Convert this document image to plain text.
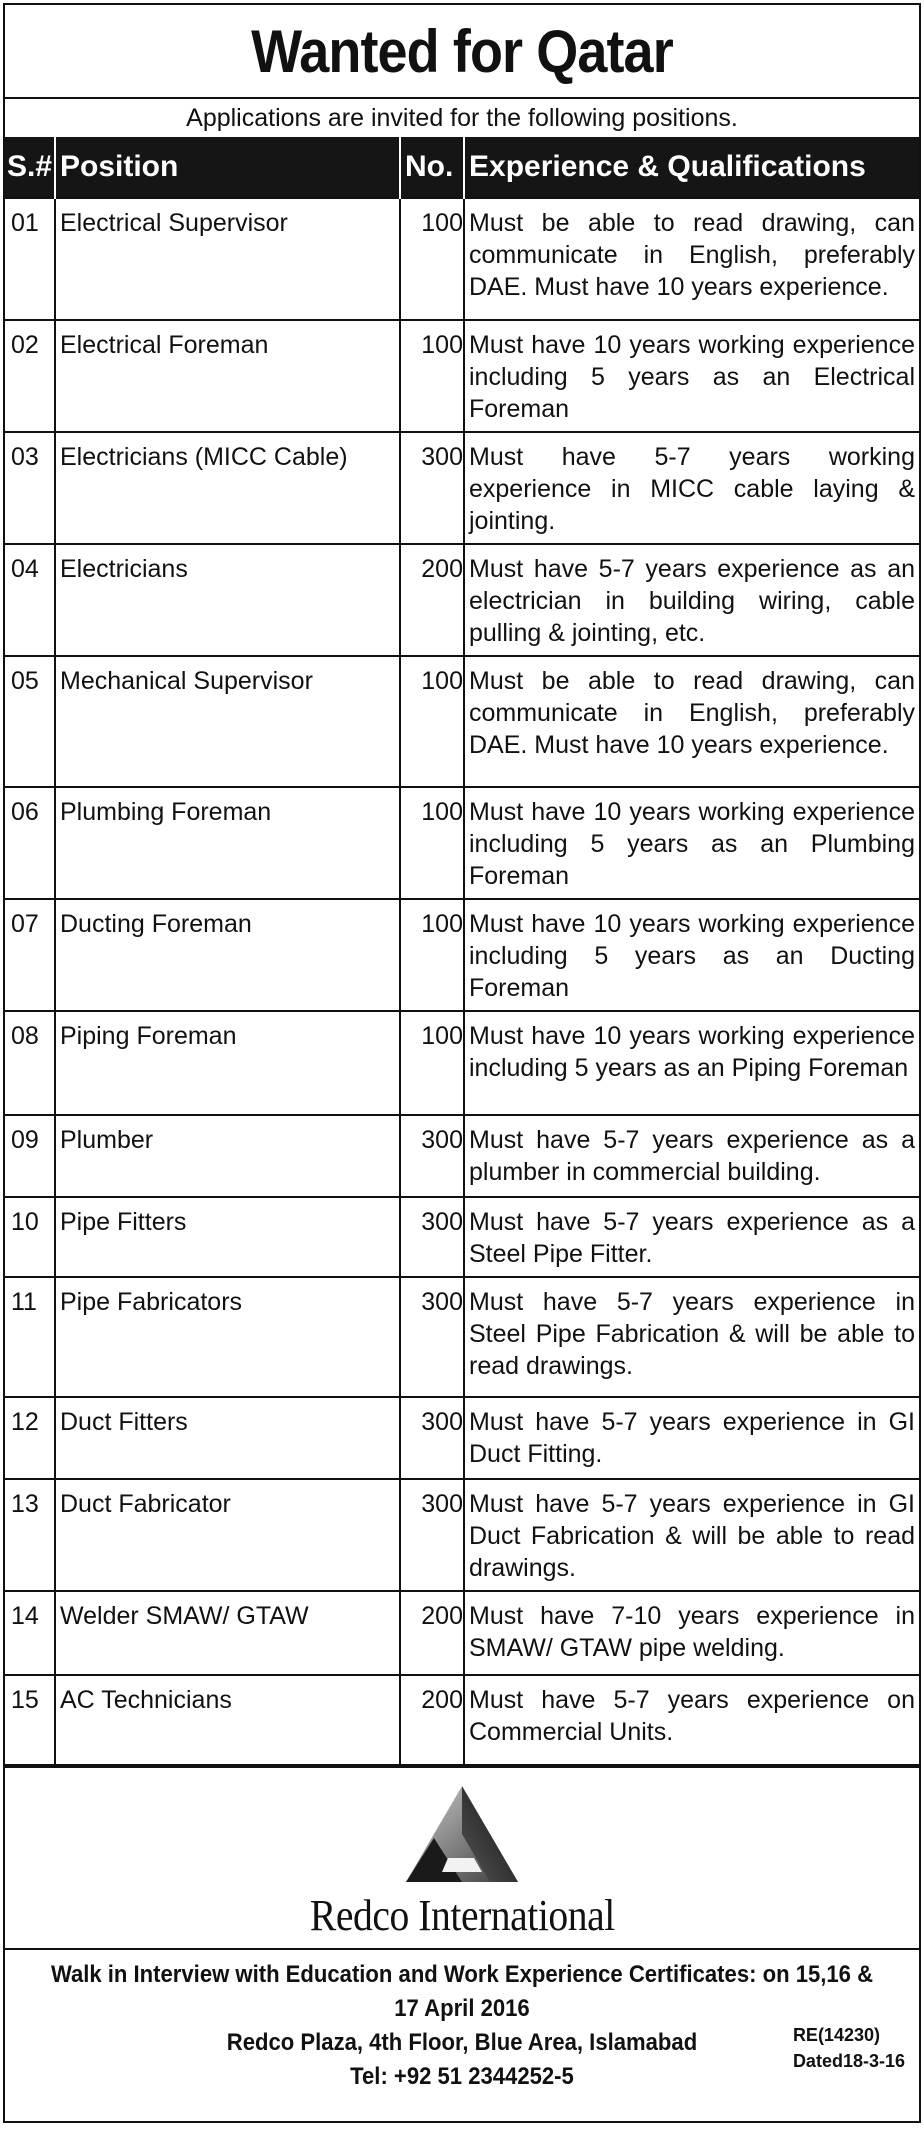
Wanted for Qatar
Applications are invited for the following positions.
S.#	Position	No.	Experience & Qualifications
01	Electrical Supervisor	100	Must be able to read drawing, can communicate in English, preferably DAE. Must have 10 years experience.
02	Electrical Foreman	100	Must have 10 years working experience including 5 years as an Electrical Foreman
03	Electricians (MICC Cable)	300	Must have 5-7 years working experience in MICC cable laying & jointing.
04	Electricians	200	Must have 5-7 years experience as an electrician in building wiring, cable pulling & jointing, etc.
05	Mechanical Supervisor	100	Must be able to read drawing, can communicate in English, preferably DAE. Must have 10 years experience.
06	Plumbing Foreman	100	Must have 10 years working experience including 5 years as an Plumbing Foreman
07	Ducting Foreman	100	Must have 10 years working experience including 5 years as an Ducting Foreman
08	Piping Foreman	100	Must have 10 years working experience including 5 years as an Piping Foreman
09	Plumber	300	Must have 5-7 years experience as a plumber in commercial building.
10	Pipe Fitters	300	Must have 5-7 years experience as a Steel Pipe Fitter.
11	Pipe Fabricators	300	Must have 5-7 years experience in Steel Pipe Fabrication & will be able to read drawings.
12	Duct Fitters	300	Must have 5-7 years experience in GI Duct Fitting.
13	Duct Fabricator	300	Must have 5-7 years experience in GI Duct Fabrication & will be able to read drawings.
14	Welder SMAW/ GTAW	200	Must have 7-10 years experience in SMAW/ GTAW pipe welding.
15	AC Technicians	200	Must have 5-7 years experience on Commercial Units.
Redco International
Walk in Interview with Education and Work Experience Certificates: on 15,16 & 17 April 2016
Redco Plaza, 4th Floor, Blue Area, Islamabad
Tel: +92 51 2344252-5
RE(14230)
Dated18-3-16
